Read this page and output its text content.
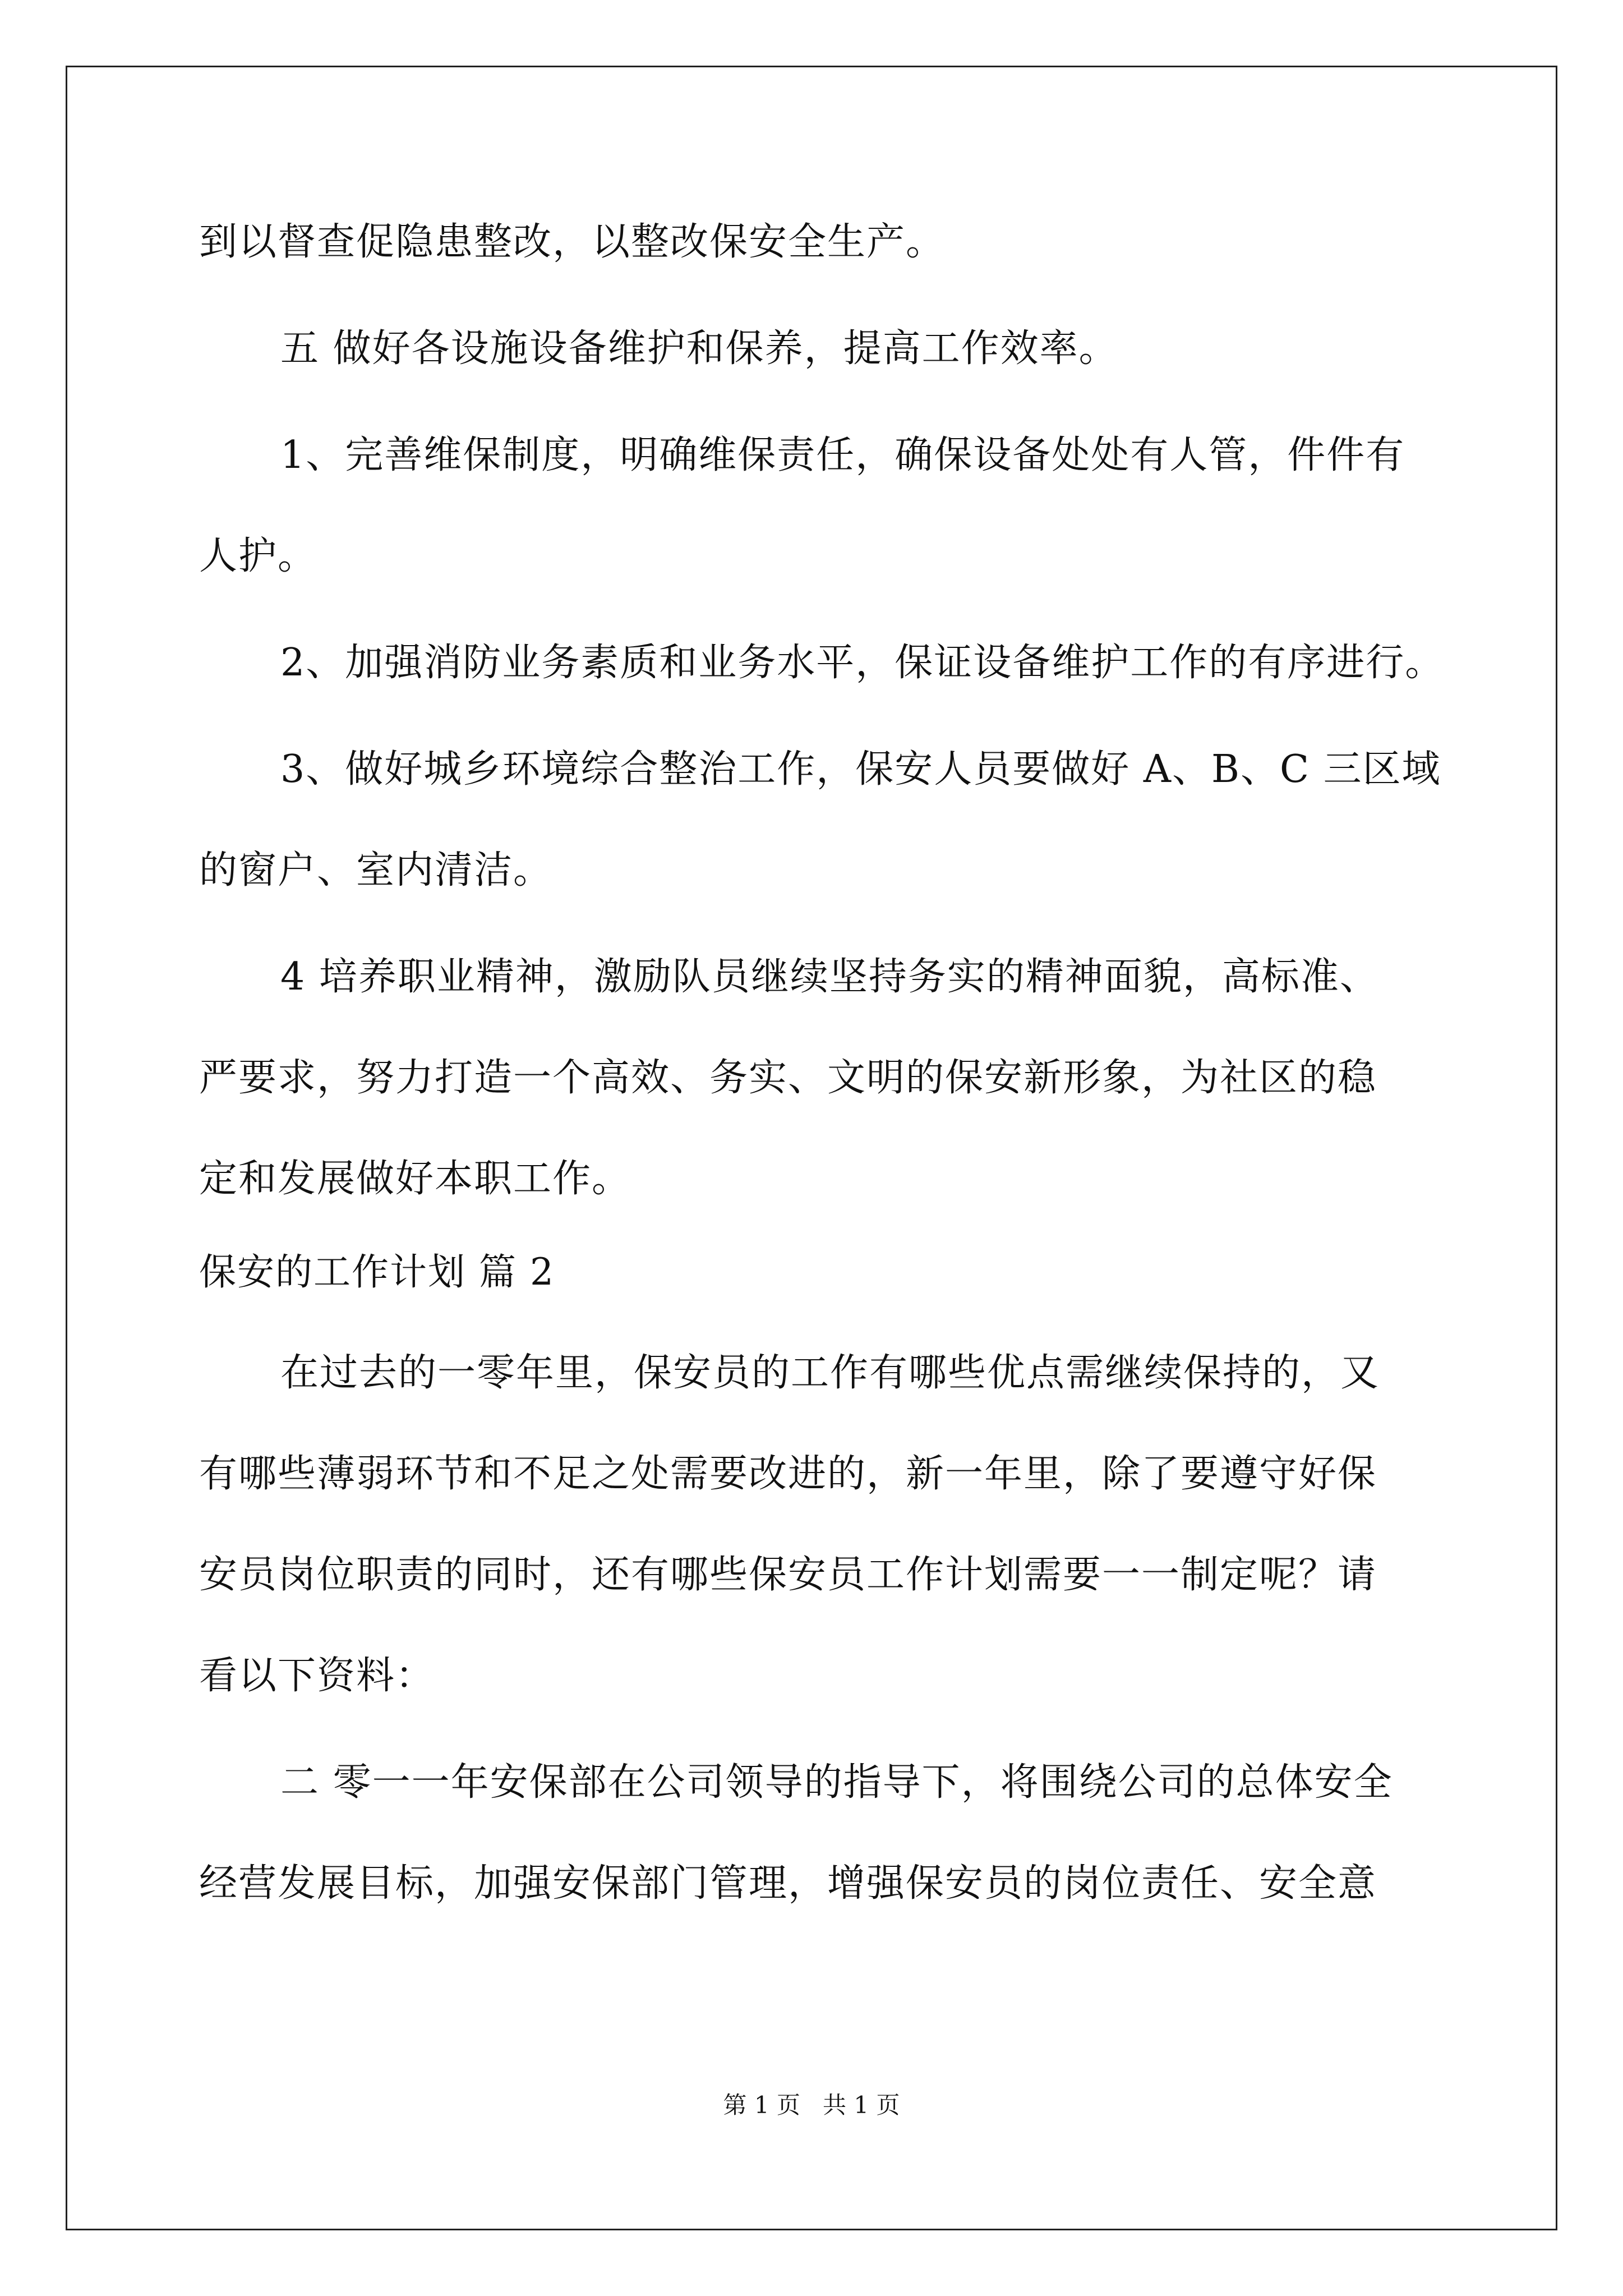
到以督查促隐患整改，以整改保安全生产。
五 做好各设施设备维护和保养，提高工作效率。
1、完善维保制度，明确维保责任，确保设备处处有人管，件件有
人护。
2、加强消防业务素质和业务水平，保证设备维护工作的有序进行。
3、做好城乡环境综合整治工作，保安人员要做好 A、B、C 三区域
的窗户、室内清洁。
4 培养职业精神，激励队员继续坚持务实的精神面貌，高标准、
严要求，努力打造一个高效、务实、文明的保安新形象，为社区的稳
定和发展做好本职工作。
保安的工作计划 篇 2
在过去的一零年里，保安员的工作有哪些优点需继续保持的，又
有哪些薄弱环节和不足之处需要改进的，新一年里，除了要遵守好保
安员岗位职责的同时，还有哪些保安员工作计划需要一一制定呢？请
看以下资料：
二 零一一年安保部在公司领导的指导下，将围绕公司的总体安全
经营发展目标，加强安保部门管理，增强保安员的岗位责任、安全意
第 1 页   共 1 页
